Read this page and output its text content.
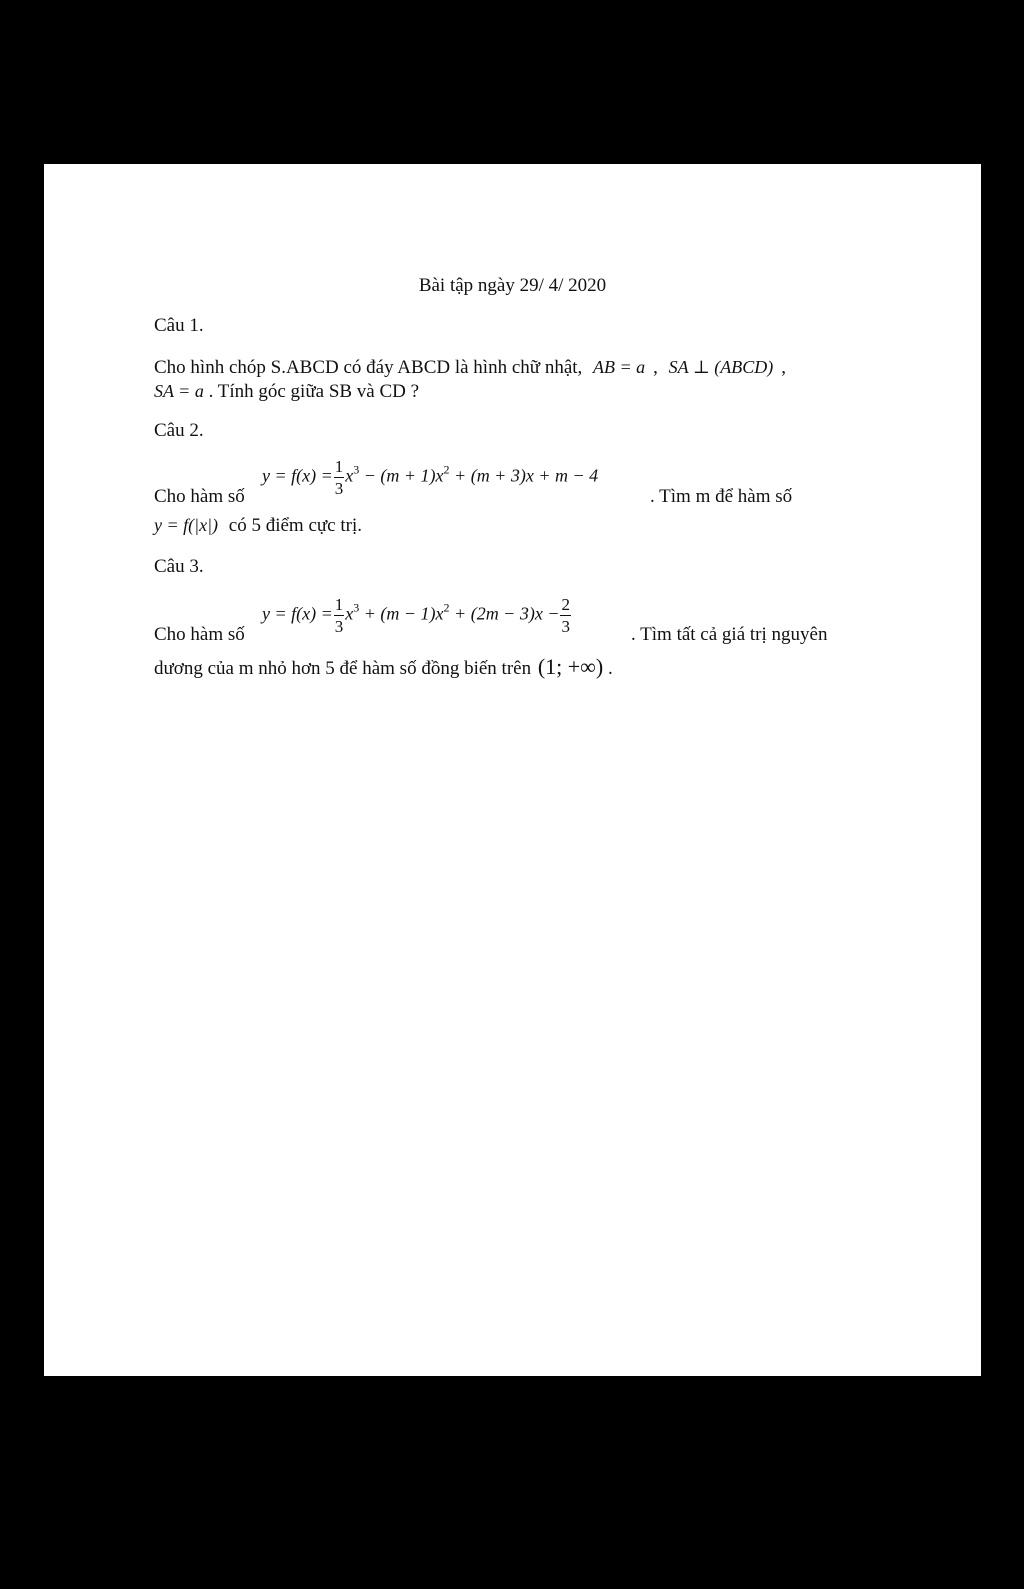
Bài tập ngày 29/ 4/ 2020
Câu 1.
Cho hình chóp S.ABCD có đáy ABCD là hình chữ nhật, AB = a , SA ⊥ (ABCD) ,
SA = a . Tính góc giữa SB và CD ?
Câu 2.
Cho hàm số
$y = f(x) = \frac{1}{3} x^3 - (m + 1)x^2 + (m + 3)x + m - 4$
. Tìm m để hàm số
y = f(|x|) có 5 điểm cực trị.
Câu 3.
Cho hàm số
$y = f(x) = \frac{1}{3} x^3 + (m - 1)x^2 + (2m - 3)x - \frac{2}{3}$	. Tìm tất cả giá trị nguyên
dương của m nhỏ hơn 5 để hàm số đồng biến trên (1; +∞) .
